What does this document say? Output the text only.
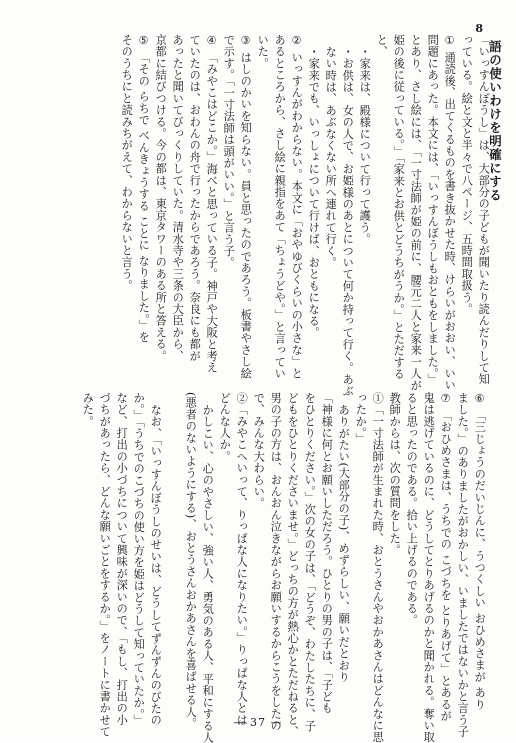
8
語の使いわけを明確にする
「いっすんぼうし」は、大部分の子どもが聞いたり読んだりして知
っている。絵と文と半々で八ページ、五時間取扱う。
① 通読後、出てくるものを書き抜かせた時、けらいがおおい、いい
問題にあった。本文には、「いっすんぼうしもおともをしました。」
とあり、さし絵には、「一寸法師が姫の前に、腰元二人と家来一人が
姫の後に従っている。」「家来とお供とどうちがうか。」とただする
と、
・家来は、殿様について行って護う。
・お供は、女の人で、お姫様のあとについて何か持って行く。あぶ
ない時は、あぶなくない所へ連れて行く。
・家来でも、いっしょについて行けば、おともになる。
② いっすんがわからない。本文に「おやゆびくらいの小さな」と
あるところから、さし絵に親指をあて「ちょうどや。」と言ってい
いた。
③ はしのかいを知らない。員と思ったのであろう。板書やさし絵
で示す。「一寸法師は頭がいい。」と言う子。
④ 「みやこはどこか。」海べと思っている子。神戸や大阪と考え
ていたのは、おわんの舟で行ったからであろう。奈良にも都が
あったと聞いてびっくりしていた。清水寺や三条の大臣から、
京都に結びつける。今の都は、東京タワーのある所と答える。
⑤ 「その らちで べんきょうする ことに なりました。」を
そのうちにと読みちがえて、わからないと言う。
⑥ 「三じょうのだいじんに、うつくしい おひめさまが あり
ました。」のありましたがおかしい、いましたではないかと言う子
⑦ 「おひめさまは、うちでの こづちを とりあげて」とあるが
鬼は逃げているのに、どうしてとりあげるのかと聞かれる。奪い取
ると思ったのである。拾い上げるのである。
教師からは、次の質問をした。
①「一寸法師が生まれた時、おとうさんやおかあさんはどんなに思
ったか。」
ありがたい(大部分の子)、めずらしい、願いだとおり
「神様に何とお願いしただろう。ひとりの男の子は、「子ども
をひとりください。」次の女の子は、「どうぞ、わたしたちに、子
どもをひとりくださいませ。」どっちの方が熱心かとただねると、
男の子の方は、おんおん泣きながらお願いするからこうをしたの
で、みんな大わらい。
②「みやこへいって、りっぱな人になりたい。」りっぱな人とは
どんな人か。
かしこい、心のやさしい、強い人、勇気のある人、平和にする人
(悪者のないようにする)、おとうさんおかあさんを喜ばせる人。
なお、「いっすんぼうしのせいは、どうしてずんずんのびたの
か。」「うちでのこづちの使い方を姫はどうして知っていたか。」
など、打出の小づちについて興味が深いので、「もし、打出の小
づちがあったら、どんな願いごとをするか。」をノートに書かせて
みた。
— 37 —
